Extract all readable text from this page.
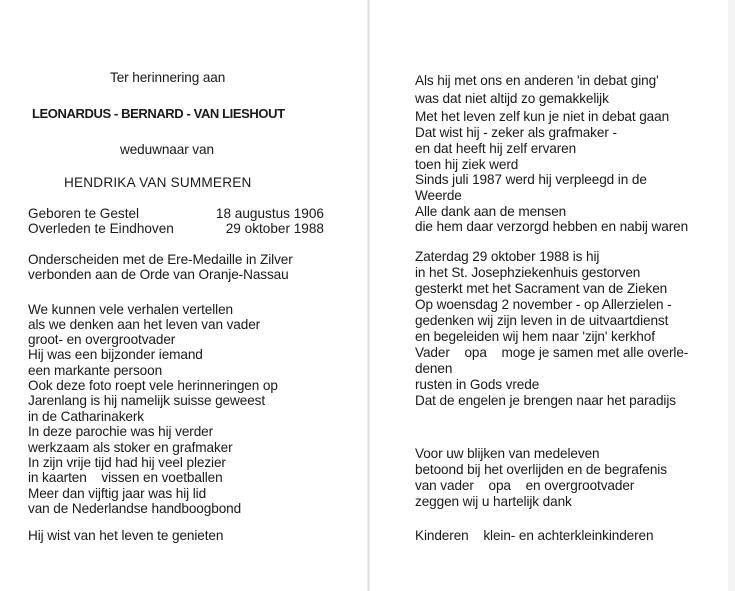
Ter herinnering aan
LEONARDUS - BERNARD - VAN LIESHOUT
weduwnaar van
HENDRIKA VAN SUMMEREN
Geboren te Gestel	18 augustus 1906
Overleden te Eindhoven	29 oktober 1988
Onderscheiden met de Ere-Medaille in Zilver
verbonden aan de Orde van Oranje-Nassau
We kunnen vele verhalen vertellen
als we denken aan het leven van vader
groot- en overgrootvader
Hij was een bijzonder iemand
een markante persoon
Ook deze foto roept vele herinneringen op
Jarenlang is hij namelijk suisse geweest
in de Catharinakerk
In deze parochie was hij verder
werkzaam als stoker en grafmaker
In zijn vrije tijd had hij veel plezier
in kaarten    vissen en voetballen
Meer dan vijftig jaar was hij lid
van de Nederlandse handboogbond
Hij wist van het leven te genieten
Als hij met ons en anderen 'in debat ging'
was dat niet altijd zo gemakkelijk
Met het leven zelf kun je niet in debat gaan
Dat wist hij - zeker als grafmaker -
en dat heeft hij zelf ervaren
toen hij ziek werd
Sinds juli 1987 werd hij verpleegd in de
Weerde
Alle dank aan de mensen
die hem daar verzorgd hebben en nabij waren
Zaterdag 29 oktober 1988 is hij
in het St. Josephziekenhuis gestorven
gesterkt met het Sacrament van de Zieken
Op woensdag 2 november - op Allerzielen -
gedenken wij zijn leven in de uitvaartdienst
en begeleiden wij hem naar 'zijn' kerkhof
Vader    opa    moge je samen met alle overle-
denen
rusten in Gods vrede
Dat de engelen je brengen naar het paradijs
Voor uw blijken van medeleven
betoond bij het overlijden en de begrafenis
van vader    opa    en overgrootvader
zeggen wij u hartelijk dank
Kinderen    klein- en achterkleinkinderen
